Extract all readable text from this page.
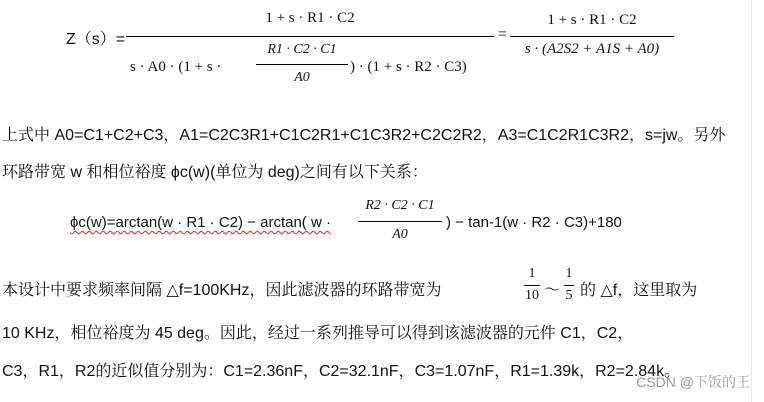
Z（s）=
1 + s · R1 · C2
s · A0 · (1 + s ·
R1 · C2 · C1
A0
) · (1 + s · R2 · C3)
=
1 + s · R1 · C2
s · (A2S2 + A1S + A0)
上式中 A0=C1+C2+C3，A1=C2C3R1+C1C2R1+C1C3R2+C2C2R2，A3=C1C2R1C3R2，s=jw。另外
环路带宽 w 和相位裕度 ϕc(w)(单位为 deg)之间有以下关系：
ϕc(w)=arctan(w · R1 · C2) − arctan( w ·
R2 · C2 · C1
A0
) − tan-1(w · R2 · C3)+180
本设计中要求频率间隔 △f=100KHz，因此滤波器的环路带宽为
1
10 ～
1
5 的 △f，这里取为
10 KHz，相位裕度为 45 deg。因此，经过一系列推导可以得到该滤波器的元件 C1，C2，
C3，R1，R2的近似值分别为：C1=2.36nF，C2=32.1nF，C3=1.07nF，R1=1.39k，R2=2.84k。
CSDN @下饭的王
